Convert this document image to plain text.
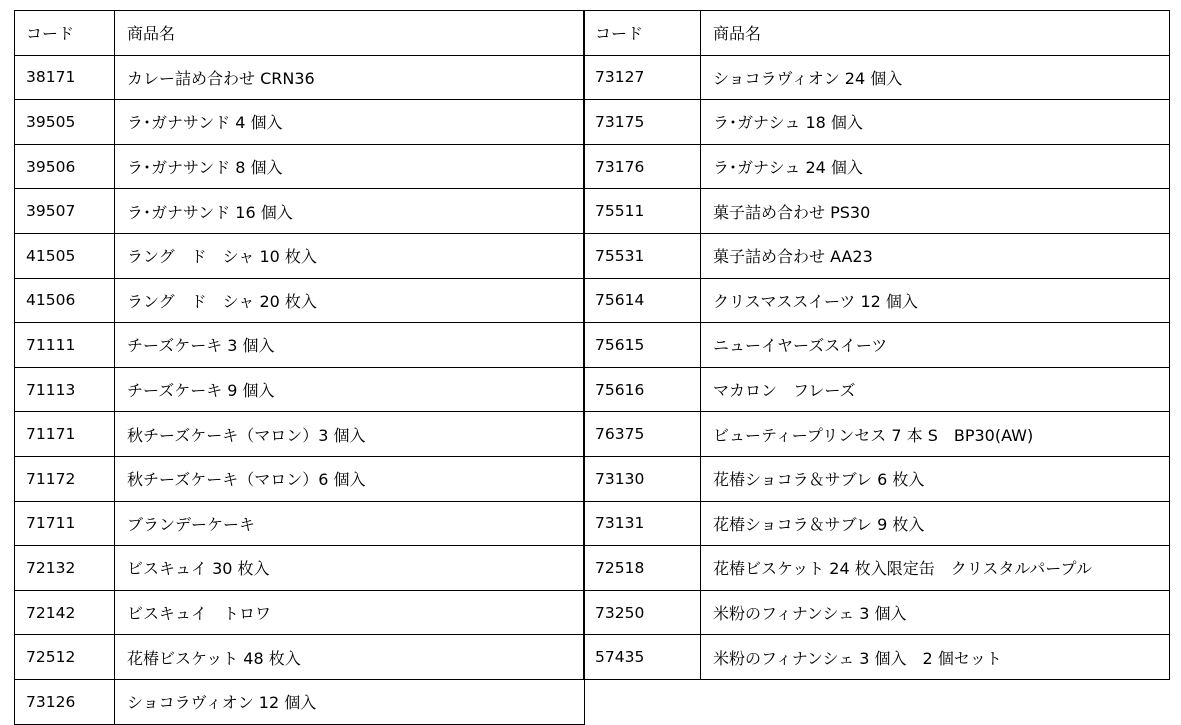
コード	商品名
38171	カレー詰め合わせ CRN36
39505	ラ･ガナサンド 4 個入
39506	ラ･ガナサンド 8 個入
39507	ラ･ガナサンド 16 個入
41505	ラング　ド　シャ 10 枚入
41506	ラング　ド　シャ 20 枚入
71111	チーズケーキ 3 個入
71113	チーズケーキ 9 個入
71171	秋チーズケーキ（マロン）3 個入
71172	秋チーズケーキ（マロン）6 個入
71711	ブランデーケーキ
72132	ビスキュイ 30 枚入
72142	ビスキュイ　トロワ
72512	花椿ビスケット 48 枚入
73126	ショコラヴィオン 12 個入
コード	商品名
73127	ショコラヴィオン 24 個入
73175	ラ･ガナシュ 18 個入
73176	ラ･ガナシュ 24 個入
75511	菓子詰め合わせ PS30
75531	菓子詰め合わせ AA23
75614	クリスマススイーツ 12 個入
75615	ニューイヤーズスイーツ
75616	マカロン　フレーズ
76375	ビューティープリンセス 7 本 S　BP30(AW)
73130	花椿ショコラ＆サブレ 6 枚入
73131	花椿ショコラ＆サブレ 9 枚入
72518	花椿ビスケット 24 枚入限定缶　クリスタルパープル
73250	米粉のフィナンシェ 3 個入
57435	米粉のフィナンシェ 3 個入　2 個セット
